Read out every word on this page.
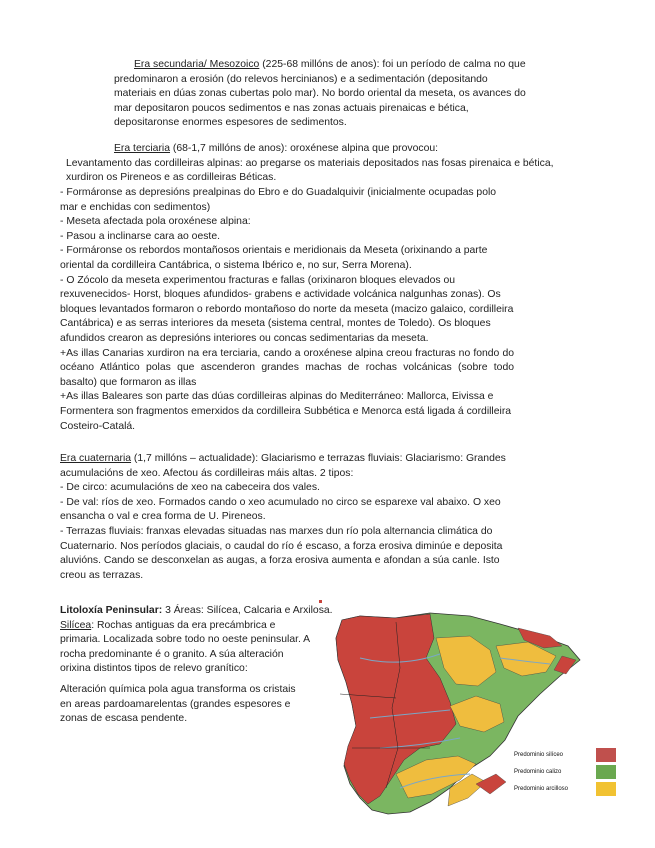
Era secundaria/ Mesozoico (225-68 millóns de anos): foi un período de calma no que predominaron a erosión (do relevos hercinianos) e a sedimentación (depositando materiais en dúas zonas cubertas polo mar). No bordo oriental da meseta, os avances do mar depositaron poucos sedimentos e nas zonas actuais pirenaicas e bética, depositaronse enormes espesores de sedimentos.

Era terciaria (68-1,7 millóns de anos): oroxénese alpina que provocou:

Levantamento das cordilleiras alpinas: ao pregarse os materiais depositados nas fosas pirenaica e bética, xurdiron os Pireneos e as cordilleiras Béticas.

- Formáronse as depresións prealpinas do Ebro e do Guadalquivir (inicialmente ocupadas polo mar e enchidas con sedimentos)

- Meseta afectada pola oroxénese alpina:

- Pasou a inclinarse cara ao oeste.

- Formáronse os rebordos montañosos orientais e meridionais da Meseta (orixinando a parte oriental da cordilleira Cantábrica, o sistema Ibérico e, no sur, Serra Morena).

- O Zócolo da meseta experimentou fracturas e fallas (orixinaron bloques elevados ou rexuvenecidos- Horst, bloques afundidos- grabens e actividade volcánica nalgunhas zonas). Os bloques levantados formaron o rebordo montañoso do norte da meseta (macizo galaico, cordilleira Cantábrica) e as serras interiores da meseta (sistema central, montes de Toledo). Os bloques afundidos crearon as depresións interiores ou concas sedimentarias da meseta.

+As illas Canarias xurdiron na era terciaria, cando a oroxénese alpina creou fracturas no fondo do océano Atlántico polas que ascenderon grandes machas de rochas volcánicas (sobre todo basalto) que formaron as illas

+As illas Baleares son parte das dúas cordilleiras alpinas do Mediterráneo: Mallorca, Eivissa e Formentera son fragmentos emerxidos da cordilleira Subbética e Menorca está ligada á cordilleira Costeiro-Catalá.

Era cuaternaria (1,7 millóns – actualidade): Glaciarismo e terrazas fluviais: Glaciarismo: Grandes acumulacións de xeo. Afectou ás cordilleiras máis altas. 2 tipos:

- De circo: acumulacións de xeo na cabeceira dos vales.

- De val: ríos de xeo. Formados cando o xeo acumulado no circo se esparexe val abaixo. O xeo ensancha o val e crea forma de U. Pireneos.

- Terrazas fluviais: franxas elevadas situadas nas marxes dun río pola alternancia climática do Cuaternario. Nos períodos glaciais, o caudal do río é escaso, a forza erosiva diminúe e deposita aluvións. Cando se desconxelan as augas, a forza erosiva aumenta e afondan a súa canle. Isto creou as terrazas.

Litoloxía Peninsular: 3 Áreas: Silícea, Calcaria e Arxilosa.

Silícea: Rochas antiguas da era precámbrica e primaria. Localizada sobre todo no oeste peninsular. A rocha predominante é o granito. A súa alteración orixina distintos tipos de relevo granítico:

Alteración química pola agua transforma os cristais en areas pardoamarelentas (grandes espesores e zonas de escasa pendente.

Predominio silíceo
Predominio calizo
Predominio arcilloso
